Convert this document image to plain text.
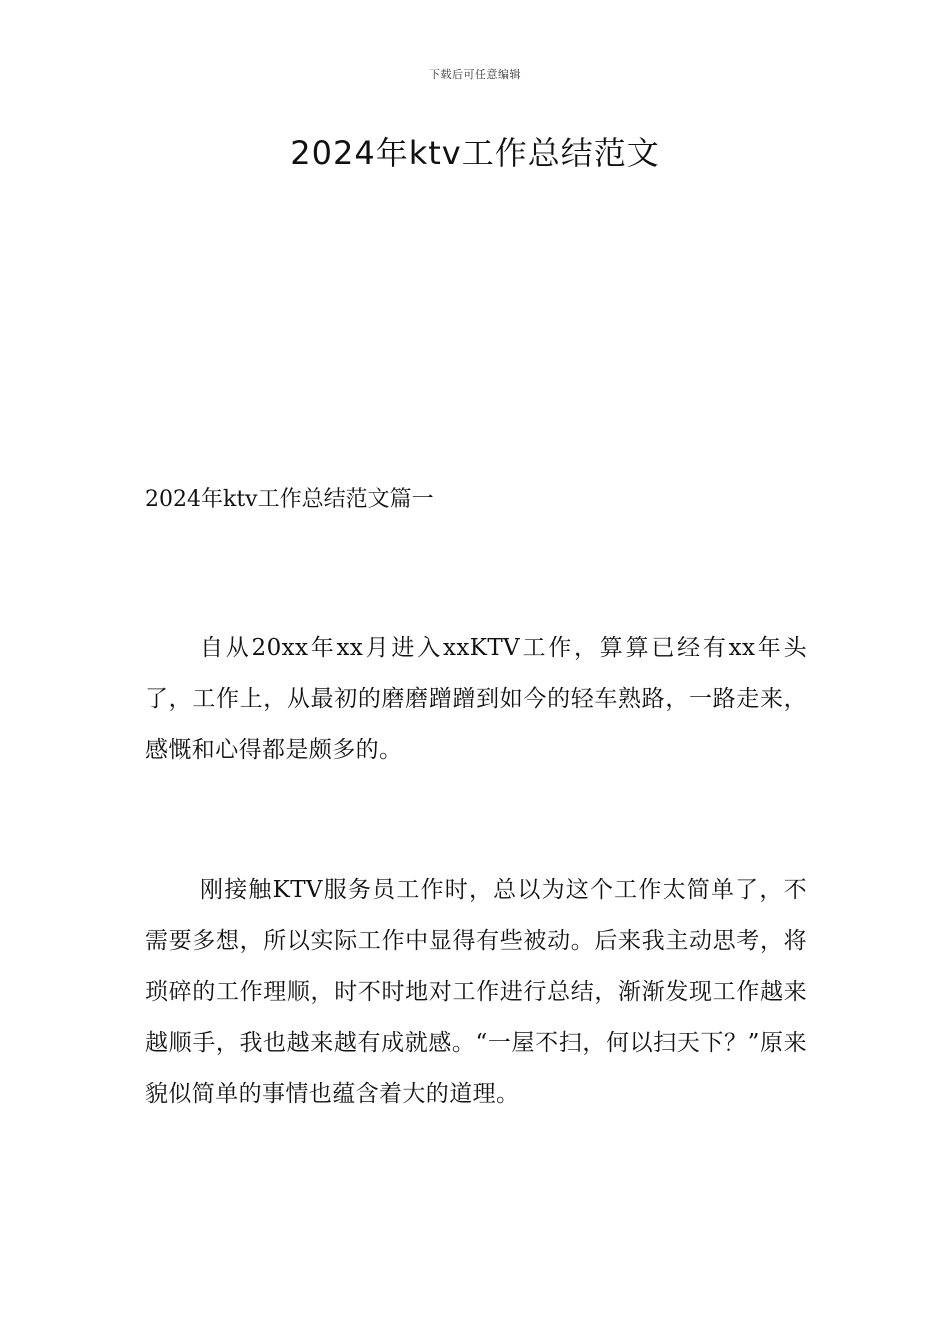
下载后可任意编辑
2024年ktv工作总结范文
2024年ktv工作总结范文篇一

自从20xx年xx月进入xxKTV工作，算算已经有xx年头了，工作上，从最初的磨磨蹭蹭到如今的轻车熟路，一路走来，感慨和心得都是颇多的。

刚接触KTV服务员工作时，总以为这个工作太简单了，不需要多想，所以实际工作中显得有些被动。后来我主动思考，将琐碎的工作理顺，时不时地对工作进行总结，渐渐发现工作越来越顺手，我也越来越有成就感。“一屋不扫，何以扫天下？”原来貌似简单的事情也蕴含着大的道理。
